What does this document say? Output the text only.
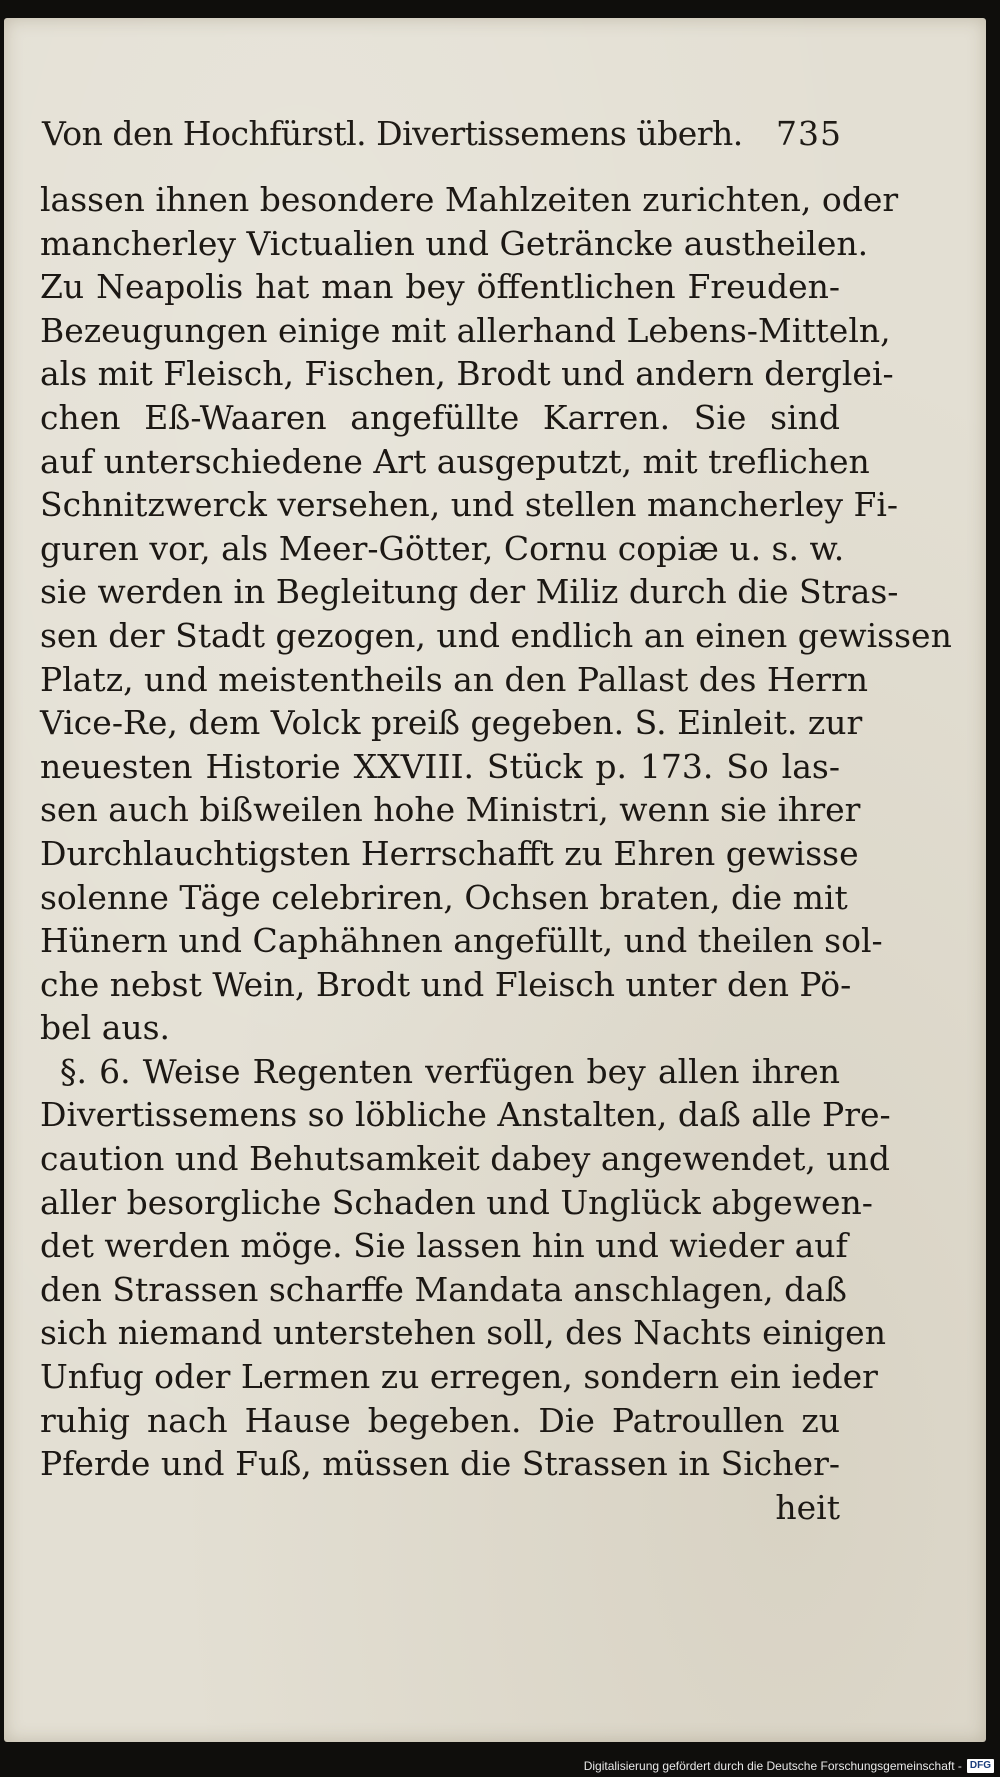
Von den Hochfürstl. Divertissemens überh. 735
lassen ihnen besondere Mahlzeiten zurichten, oder
mancherley Victualien und Geträncke austheilen.
Zu Neapolis hat man bey öffentlichen Freuden-
Bezeugungen einige mit allerhand Lebens-Mitteln,
als mit Fleisch, Fischen, Brodt und andern derglei-
chen Eß-Waaren angefüllte Karren. Sie sind
auf unterschiedene Art ausgeputzt, mit treflichen
Schnitzwerck versehen, und stellen mancherley Fi-
guren vor, als Meer-Götter, Cornu copiæ u. s. w.
sie werden in Begleitung der Miliz durch die Stras-
sen der Stadt gezogen, und endlich an einen gewissen
Platz, und meistentheils an den Pallast des Herrn
Vice-Re, dem Volck preiß gegeben. S. Einleit. zur
neuesten Historie XXVIII. Stück p. 173. So las-
sen auch bißweilen hohe Ministri, wenn sie ihrer
Durchlauchtigsten Herrschafft zu Ehren gewisse
solenne Täge celebriren, Ochsen braten, die mit
Hünern und Caphähnen angefüllt, und theilen sol-
che nebst Wein, Brodt und Fleisch unter den Pö-
bel aus.
§. 6. Weise Regenten verfügen bey allen ihren
Divertissemens so löbliche Anstalten, daß alle Pre-
caution und Behutsamkeit dabey angewendet, und
aller besorgliche Schaden und Unglück abgewen-
det werden möge. Sie lassen hin und wieder auf
den Strassen scharffe Mandata anschlagen, daß
sich niemand unterstehen soll, des Nachts einigen
Unfug oder Lermen zu erregen, sondern ein ieder
ruhig nach Hause begeben. Die Patroullen zu
Pferde und Fuß, müssen die Strassen in Sicher-
heit
Digitalisierung gefördert durch die Deutsche Forschungsgemeinschaft - DFG
